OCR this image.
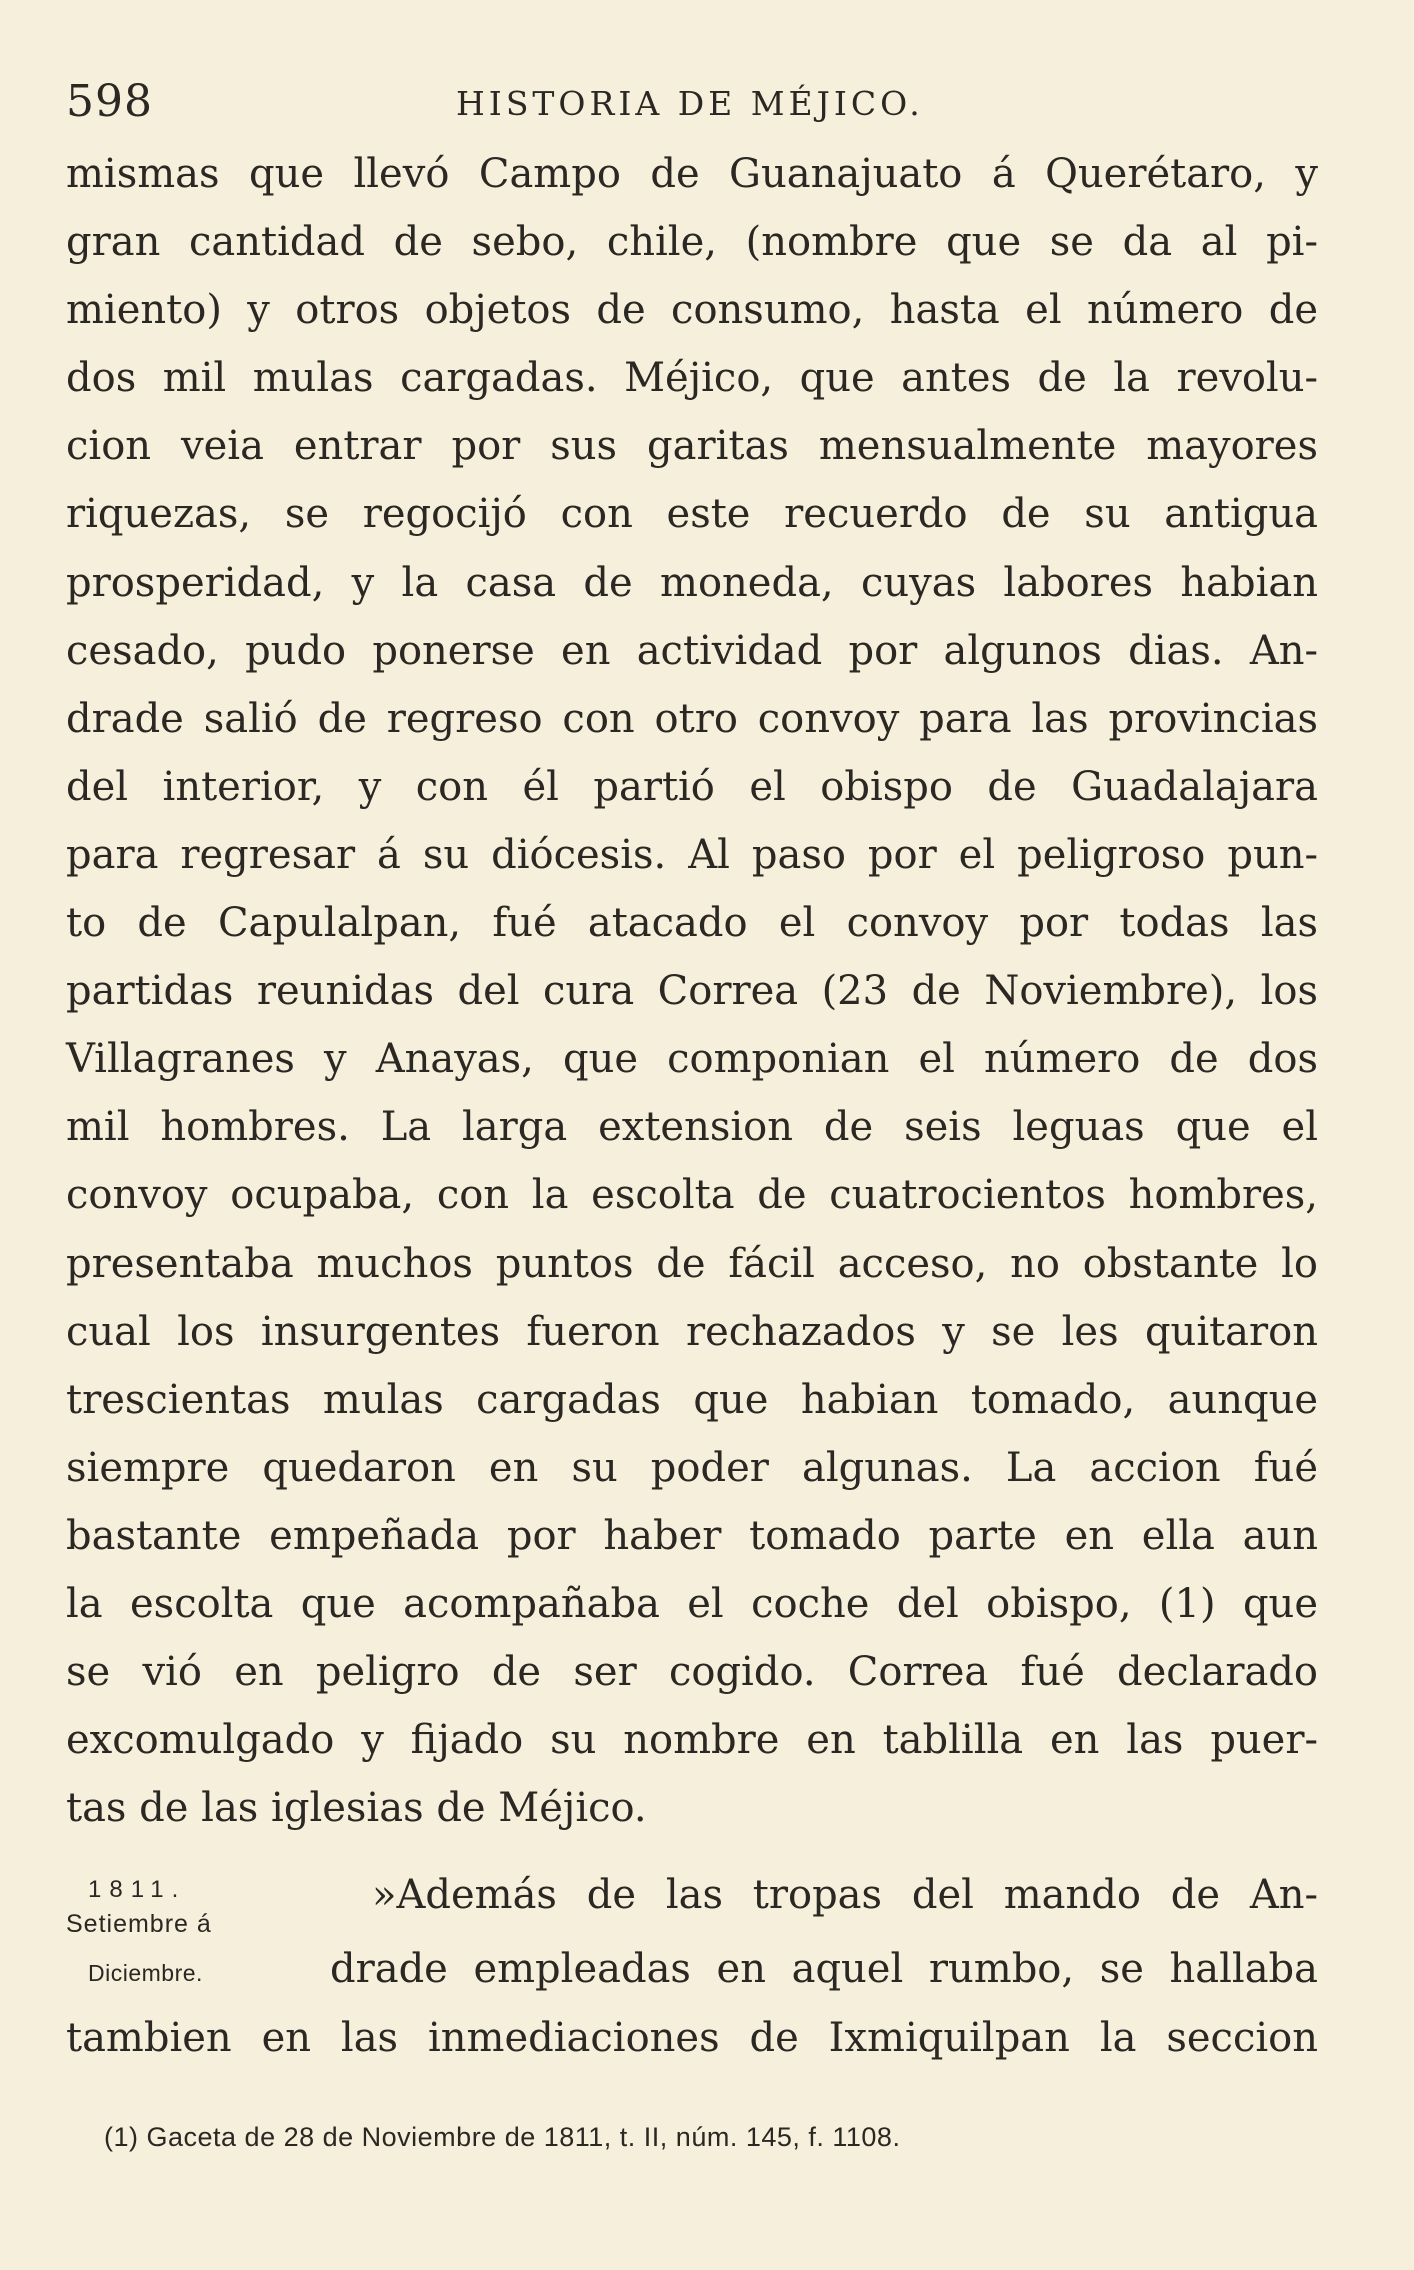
598	HISTORIA DE MÉJICO.
mismas que llevó Campo de Guanajuato á Querétaro, y
gran cantidad de sebo, chile, (nombre que se da al pi-
miento) y otros objetos de consumo, hasta el número de
dos mil mulas cargadas. Méjico, que antes de la revolu-
cion veia entrar por sus garitas mensualmente mayores
riquezas, se regocijó con este recuerdo de su antigua
prosperidad, y la casa de moneda, cuyas labores habian
cesado, pudo ponerse en actividad por algunos dias. An-
drade salió de regreso con otro convoy para las provincias
del interior, y con él partió el obispo de Guadalajara
para regresar á su diócesis. Al paso por el peligroso pun-
to de Capulalpan, fué atacado el convoy por todas las
partidas reunidas del cura Correa (23 de Noviembre), los
Villagranes y Anayas, que componian el número de dos
mil hombres. La larga extension de seis leguas que el
convoy ocupaba, con la escolta de cuatrocientos hombres,
presentaba muchos puntos de fácil acceso, no obstante lo
cual los insurgentes fueron rechazados y se les quitaron
trescientas mulas cargadas que habian tomado, aunque
siempre quedaron en su poder algunas. La accion fué
bastante empeñada por haber tomado parte en ella aun
la escolta que acompañaba el coche del obispo, (1) que
se vió en peligro de ser cogido. Correa fué declarado
excomulgado y fijado su nombre en tablilla en las puer-
tas de las iglesias de Méjico.
1811.
Setiembre á
Diciembre.
»Además de las tropas del mando de An-
drade empleadas en aquel rumbo, se hallaba
tambien en las inmediaciones de Ixmiquilpan la seccion
(1) Gaceta de 28 de Noviembre de 1811, t. II, núm. 145, f. 1108.
